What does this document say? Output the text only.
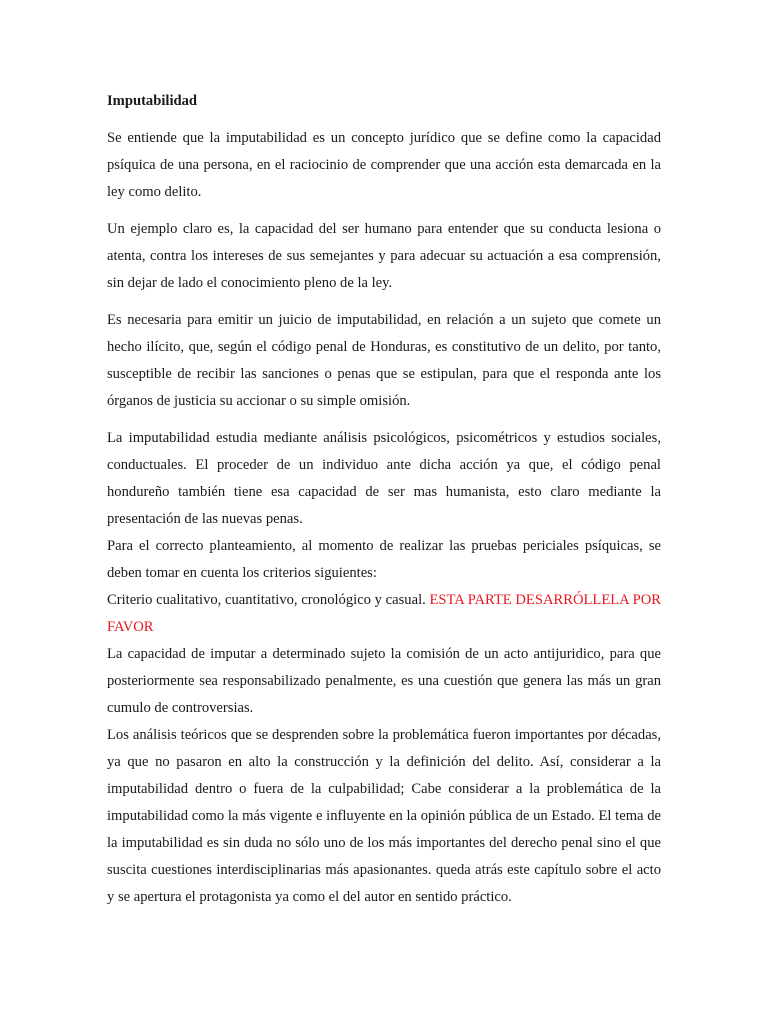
Imputabilidad

Se entiende que la imputabilidad es un concepto jurídico que se define como la capacidad psíquica de una persona, en el raciocinio de comprender que una acción esta demarcada en la ley como delito.

Un ejemplo claro es, la capacidad del ser humano para entender que su conducta lesiona o atenta, contra los intereses de sus semejantes y para adecuar su actuación a esa comprensión, sin dejar de lado el conocimiento pleno de la ley.

Es necesaria para emitir un juicio de imputabilidad, en relación a un sujeto que comete un hecho ilícito, que, según el código penal de Honduras, es constitutivo de un delito, por tanto, susceptible de recibir las sanciones o penas que se estipulan, para que el responda ante los órganos de justicia su accionar o su simple omisión.

La imputabilidad estudia mediante análisis psicológicos, psicométricos y estudios sociales, conductuales. El proceder de un individuo ante dicha acción ya que, el código penal hondureño también tiene esa capacidad de ser mas humanista, esto claro mediante la presentación de las nuevas penas.

Para el correcto planteamiento, al momento de realizar las pruebas periciales psíquicas, se deben tomar en cuenta los criterios siguientes:

Criterio cualitativo, cuantitativo, cronológico y casual. ESTA PARTE DESARRÓLLELA POR FAVOR

La capacidad de imputar a determinado sujeto la comisión de un acto antijuridico, para que posteriormente sea responsabilizado penalmente, es una cuestión que genera las más un gran cumulo de controversias.

Los análisis teóricos que se desprenden sobre la problemática fueron importantes por décadas, ya que no pasaron en alto la construcción y la definición del delito. Así, considerar a la imputabilidad dentro o fuera de la culpabilidad; Cabe considerar a la problemática de la imputabilidad como la más vigente e influyente en la opinión pública de un Estado. El tema de la imputabilidad es sin duda no sólo uno de los más importantes del derecho penal sino el que suscita cuestiones interdisciplinarias más apasionantes. queda atrás este capítulo sobre el acto y se apertura el protagonista ya como el del autor en sentido práctico.
